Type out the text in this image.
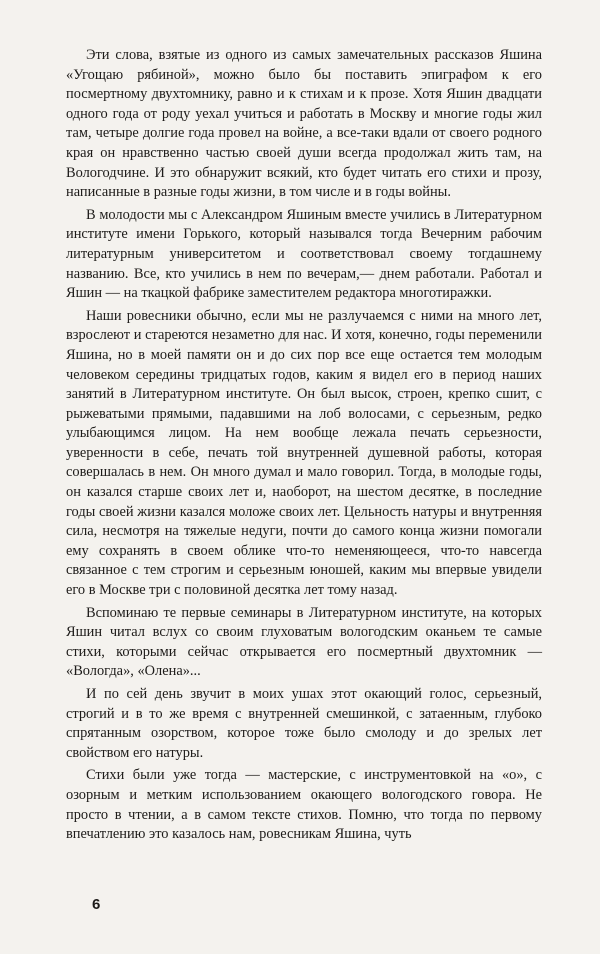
Эти слова, взятые из одного из самых замечательных рассказов Яшина «Угощаю рябиной», можно было бы поставить эпиграфом к его посмертному двухтомнику, равно и к стихам и к прозе. Хотя Яшин двадцати одного года от роду уехал учиться и работать в Москву и многие годы жил там, четыре долгие года провел на войне, а все-таки вдали от своего родного края он нравственно частью своей души всегда продолжал жить там, на Вологодчине. И это обнаружит всякий, кто будет читать его стихи и прозу, написанные в разные годы жизни, в том числе и в годы войны.

В молодости мы с Александром Яшиным вместе учились в Литературном институте имени Горького, который назывался тогда Вечерним рабочим литературным университетом и соответствовал своему тогдашнему названию. Все, кто учились в нем по вечерам,— днем работали. Работал и Яшин — на ткацкой фабрике заместителем редактора многотиражки.

Наши ровесники обычно, если мы не разлучаемся с ними на много лет, взрослеют и стареются незаметно для нас. И хотя, конечно, годы переменили Яшина, но в моей памяти он и до сих пор все еще остается тем молодым человеком середины тридцатых годов, каким я видел его в период наших занятий в Литературном институте. Он был высок, строен, крепко сшит, с рыжеватыми прямыми, падавшими на лоб волосами, с серьезным, редко улыбающимся лицом. На нем вообще лежала печать серьезности, уверенности в себе, печать той внутренней душевной работы, которая совершалась в нем. Он много думал и мало говорил. Тогда, в молодые годы, он казался старше своих лет и, наоборот, на шестом десятке, в последние годы своей жизни казался моложе своих лет. Цельность натуры и внутренняя сила, несмотря на тяжелые недуги, почти до самого конца жизни помогали ему сохранять в своем облике что-то неменяющееся, что-то навсегда связанное с тем строгим и серьезным юношей, каким мы впервые увидели его в Москве три с половиной десятка лет тому назад.

Вспоминаю те первые семинары в Литературном институте, на которых Яшин читал вслух со своим глуховатым вологодским оканьем те самые стихи, которыми сейчас открывается его посмертный двухтомник — «Вологда», «Олена»...

И по сей день звучит в моих ушах этот окающий голос, серьезный, строгий и в то же время с внутренней смешинкой, с затаенным, глубоко спрятанным озорством, которое тоже было смолоду и до зрелых лет свойством его натуры.

Стихи были уже тогда — мастерские, с инструментовкой на «о», с озорным и метким использованием окающего вологодского говора. Не просто в чтении, а в самом тексте стихов. Помню, что тогда по первому впечатлению это казалось нам, ровесникам Яшина, чуть

6
